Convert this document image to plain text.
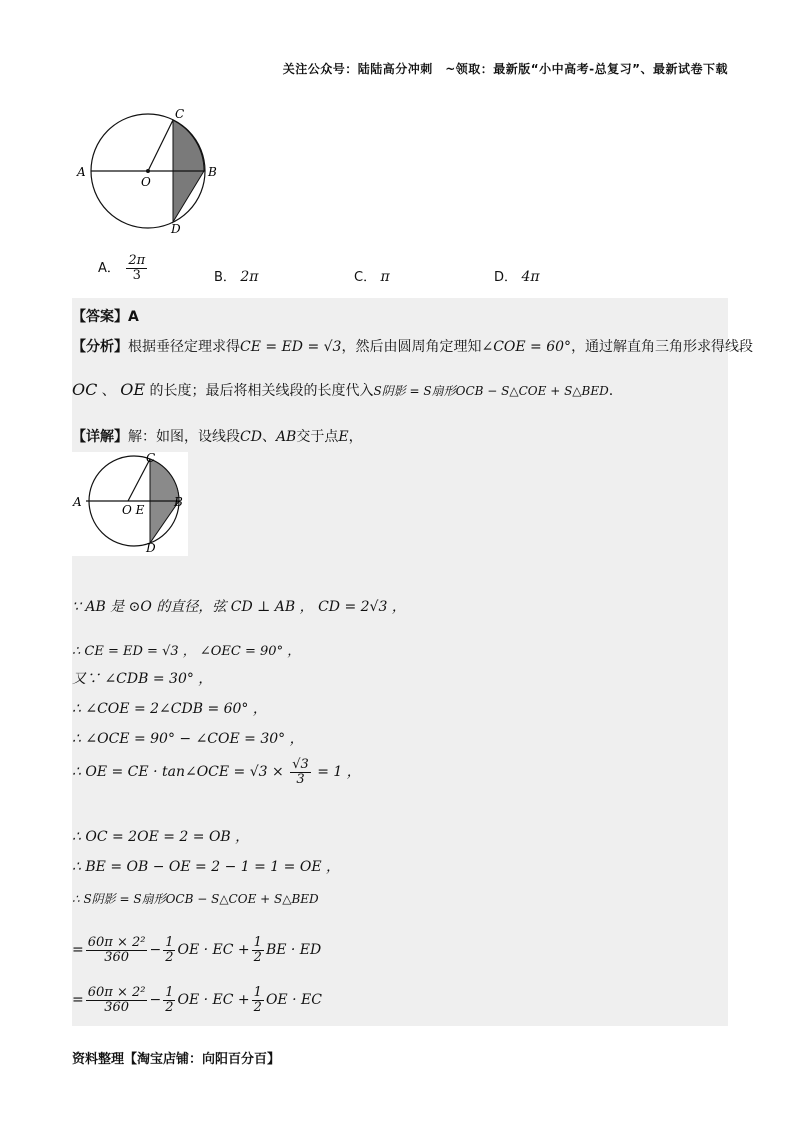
关注公众号：陆陆高分冲刺　~领取：最新版“小中高考-总复习”、最新试卷下载
C
A
O
B
D
A． $\frac{2\pi}{3}$	B． 2π	C． π	D． 4π
【答案】A
【分析】根据垂径定理求得CE = ED = √3，然后由圆周角定理知∠COE = 60°，通过解直角三角形求得线段
OC 、 OE 的长度；最后将相关线段的长度代入S阴影 = S扇形OCB − S△COE + S△BED.
【详解】解：如图，设线段CD、AB交于点E，
C
A
O E
B
D
∵ AB 是 ⊙O 的直径，弦 CD ⊥ AB ， CD = 2√3 ，
∴ CE = ED = √3 ， ∠OEC = 90° ，
又∵ ∠CDB = 30° ，
∴ ∠COE = 2∠CDB = 60° ，
∴ ∠OCE = 90° − ∠COE = 30° ，
∴ OE = CE · tan∠OCE = $√3 \times \frac{√3}{3} = 1$ ，
∴ OC = 2OE = 2 = OB ，
∴ BE = OB − OE = 2 − 1 = 1 = OE ，
∴ S阴影 = S扇形OCB − S△COE + S△BED
= $\frac{\text{60π × 2²}}{360} - \frac{1}{2}$ OE · EC + $\frac{1}{2}$ BE · ED
= $\frac{\text{60π × 2²}}{360} - \frac{1}{2}$ OE · EC + $\frac{1}{2}$ OE · EC
资料整理【淘宝店铺：向阳百分百】
